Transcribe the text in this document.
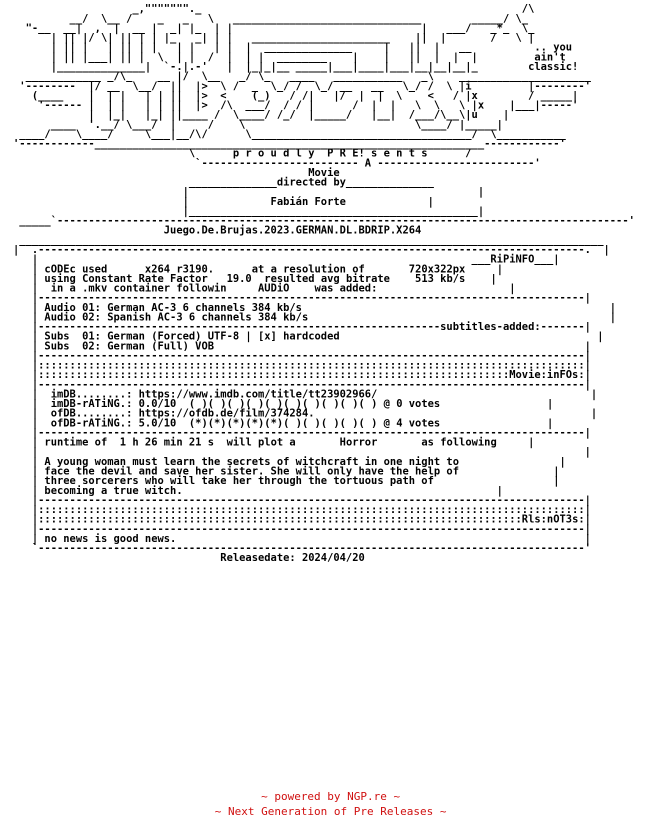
_,"""""""._                                                   /\
__/  \__ /    _   _   \   ______________________________        _____/ \_
"-__  __|  ,  |  __ |  _| |_  | |                              |   ___/   _*_  \_
| || |/ \| || | | |_   _| | |   ______________________    ||  |       /   \ |
| || |   | || | |   | |   | |  |  ______________     |   ||  |   __          .. you
| || |___| || |  \  | |  /  |  | |  ________    |    |   ||  |  |  |         ain't
|______________|  `-.|.-'   |  |_|_|__ _____|___|____|___|__|__|__|_        classic!
____________ _/\_    __ |/  \__   _/ \_   ____   ___________   _\    _____________________
'--------  |/ __  \__/  ||  |>  \ /  _  \_/ /  \_/ __   __   \_/ /  \ |i         |--------'
(____    |  | |   | | ||  |>  <    (_)   / /|   |/  |  |  \    <   / |x        / _____|
'------ |  | |   | | ||  |>  /\  ___/  / / |      /  |  |   \  \   \ |x    |___|-----'
|  |_|   |_| ||____ /  \____/ /_/  |_____/   |__|  /___/\__\|u    |
____  '.__/ \___/  |     /    \                           \____/ |_____|
____/    \____/     \___|__/\/      \___________________________________/  \___________
'------------______________________________________________________________------------'
\	p r o u d l y  P R E! s e n t s	/
`------------------------- A -------------------------'
Movie
______________directed by______________
|                                              |
|	Fabián Forte	|
|______________________________________________|
_____`-------------------------------------------------------------------------------------------'
Juego.De.Brujas.2023.GERMAN.DL.BDRIP.X264
_____________________________________________________________________________________________
|  .---------------------------------------------------------------------------------------.  |
|                                                                     ___RiPiNFO___|
| cODEc used	x264 r3190.	at a resolution of	720x322px     |
| using Constant Rate Factor 19.0 resulted avg bitrate 513 kb/s    |
|  in a .mkv container followin AUDiO was added:	|
|---------------------------------------------------------------------------------------|
| Audio 01: German AC-3 6 channels 384 kb/s	|
| Audio 02: Spanish AC-3 6 channels 384 kb/s	|
|----------------------------------------------------------------subtitles-added:-------|
| Subs  01: German (Forced) UTF-8 | [x] hardcoded	|
| Subs  02: German (Full) VOB	|
|---------------------------------------------------------------------------------------|
|:::::::::::::::::::::::::::::::::::::::::::::::::::::::::::::::::::::::::::::::::::::::|
|:::::::::::::::::::::::::::::::::::::::::::::::::::::::::::::::::::::::::::Movie:inFOs:|
|---------------------------------------------------------------------------------------|
|  imDB........: https://www.imdb.com/title/tt23902966/	|
|  imDB-rATiNG.: 0.0/10 ( )( )( )( )( )( )( )( )( )( ) @ 0 votes	|
|  ofDB........: https://ofdb.de/film/374284.	|
|  ofDB-rATiNG.: 5.0/10 (*)(*)(*)(*)(*)( )( )( )( )( ) @ 4 votes	|
|---------------------------------------------------------------------------------------|
| runtime of 1 h 26 min 21 s will plot a	Horror	as following     |
|                                                                                       |
| A young woman must learn the secrets of witchcraft in one night to	|
| face the devil and save her sister. She will only have the help of	|
| three sorcerers who will take her through the tortuous path of	|
| becoming a true witch.	|
|---------------------------------------------------------------------------------------|
|:::::::::::::::::::::::::::::::::::::::::::::::::::::::::::::::::::::::::::::::::::::::|
|:::::::::::::::::::::::::::::::::::::::::::::::::::::::::::::::::::::::::::::Rls:nOT3s:|
|---------------------------------------------------------------------------------------|
| no news is good news.	|
`---------------------------------------------------------------------------------------'
Releasedate: 2024/04/20

~ powered by NGP.re ~

~ Next Generation of Pre Releases ~
